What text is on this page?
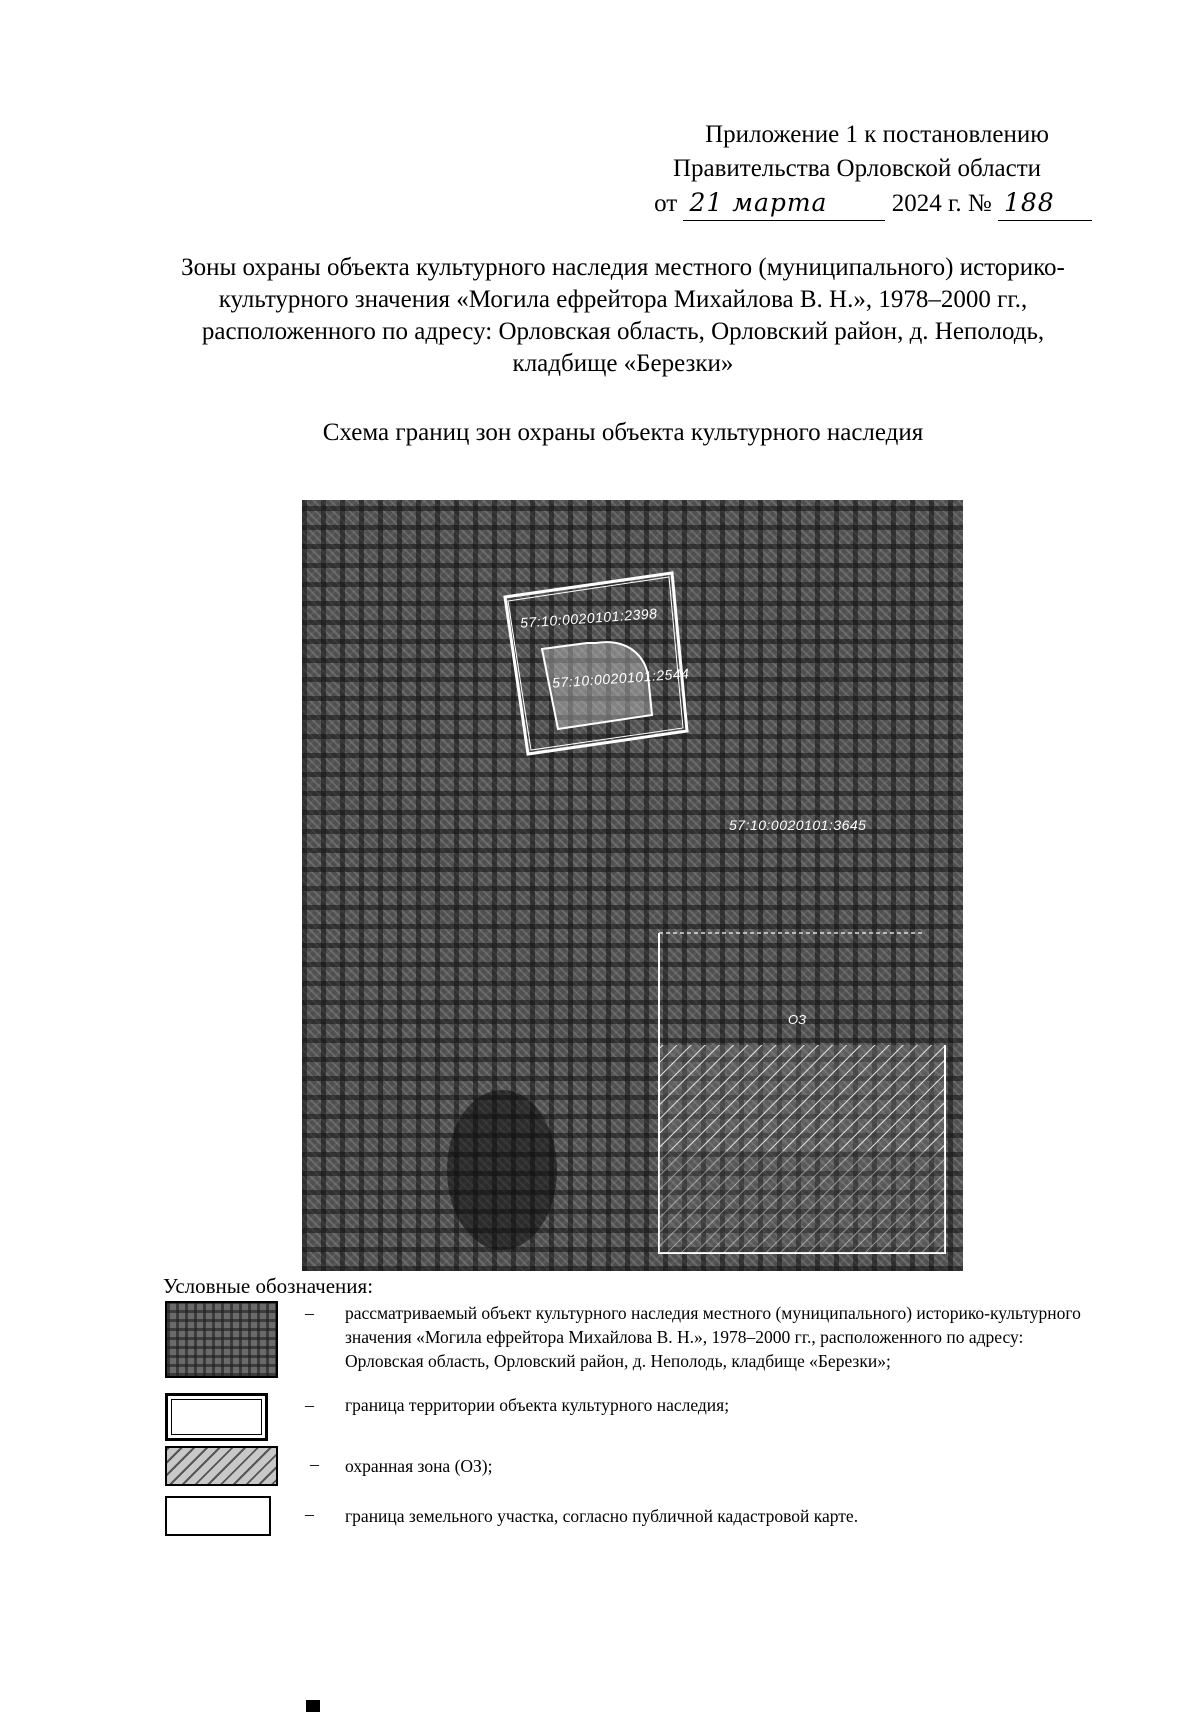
Приложение 1 к постановлению
Правительства Орловской области
от 21 марта	2024 г. № 188
Зоны охраны объекта культурного наследия местного (муниципального) историко-культурного значения «Могила ефрейтора Михайлова В. Н.», 1978–2000 гг., расположенного по адресу: Орловская область, Орловский район, д. Неполодь, кладбище «Березки»
Схема границ зон охраны объекта культурного наследия
57:10:0020101:2398
57:10:0020101:2544
57:10:0020101:3645
ОЗ
Условные обозначения:
– рассматриваемый объект культурного наследия местного (муниципального) историко-культурного значения «Могила ефрейтора Михайлова В. Н.», 1978–2000 гг., расположенного по адресу: Орловская область, Орловский район, д. Неполодь, кладбище «Березки»;
– граница территории объекта культурного наследия;
– охранная зона (ОЗ);
– граница земельного участка, согласно публичной кадастровой карте.
